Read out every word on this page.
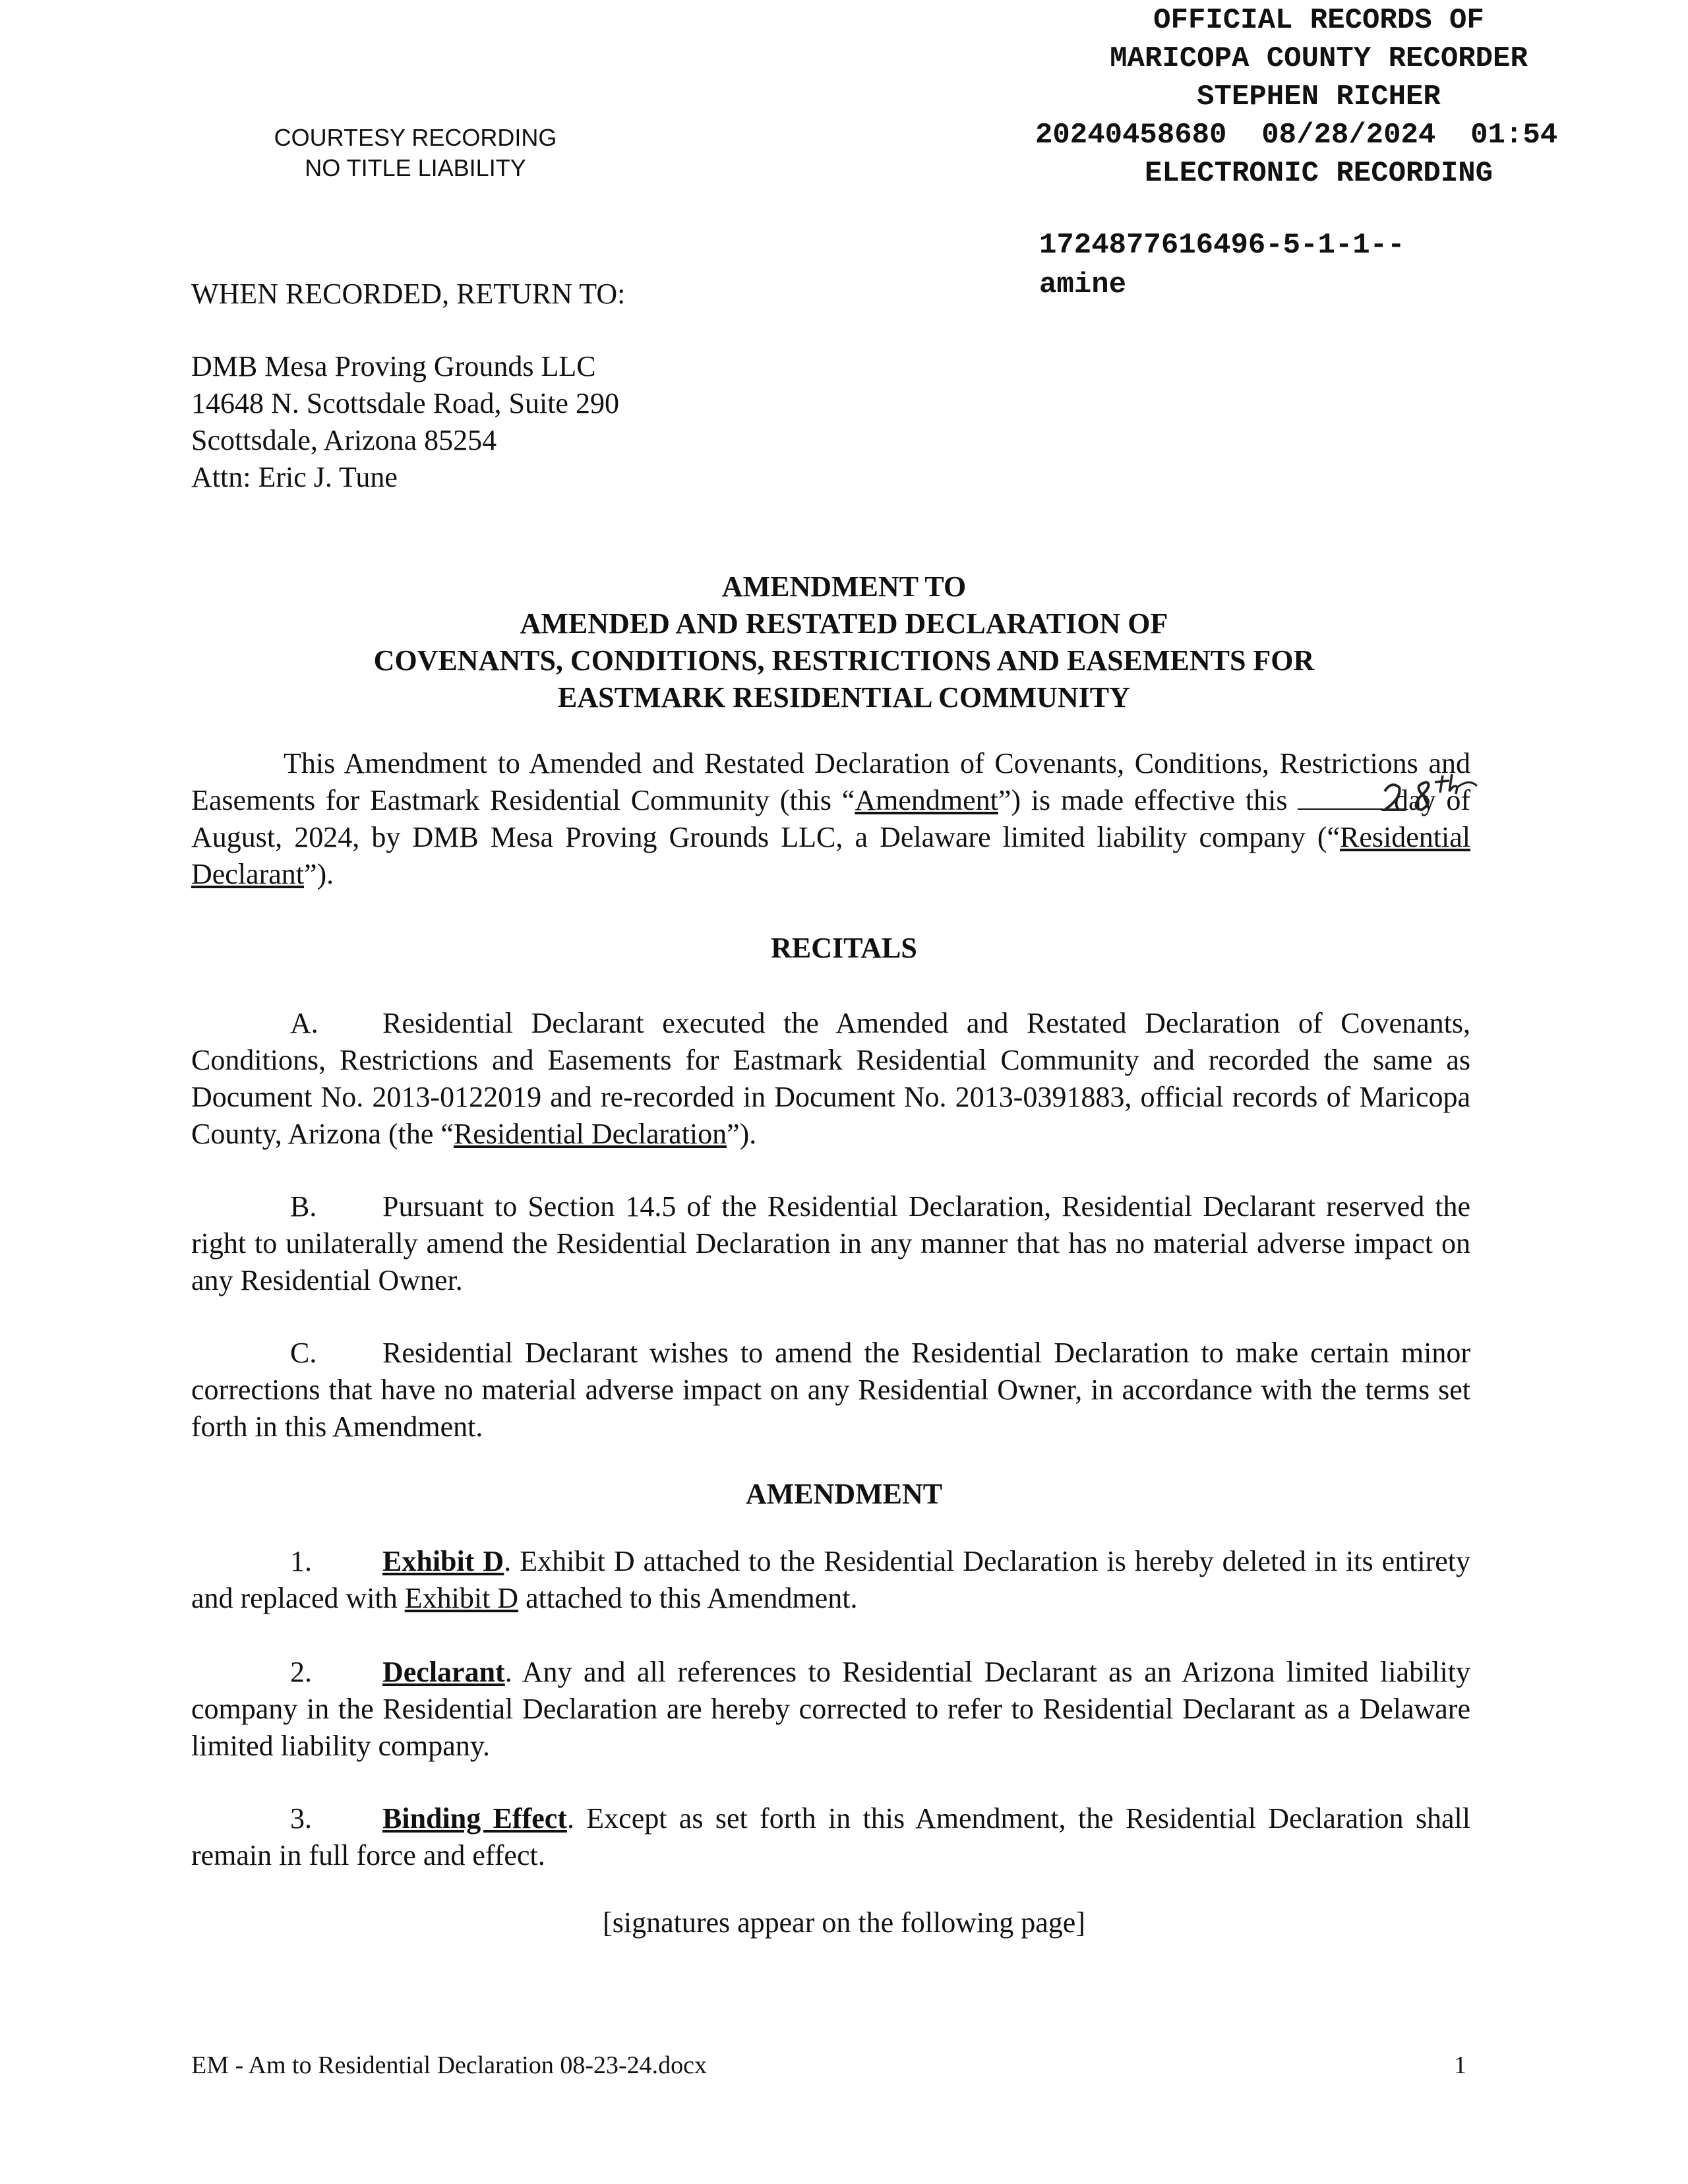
OFFICIAL RECORDS OF
MARICOPA COUNTY RECORDER
STEPHEN RICHER
20240458680  08/28/2024  01:54
ELECTRONIC RECORDING
COURTESY RECORDING
NO TITLE LIABILITY
1724877616496-5-1-1--
amine
WHEN RECORDED, RETURN TO:
DMB Mesa Proving Grounds LLC
14648 N. Scottsdale Road, Suite 290
Scottsdale, Arizona 85254
Attn: Eric J. Tune
AMENDMENT TO
AMENDED AND RESTATED DECLARATION OF
COVENANTS, CONDITIONS, RESTRICTIONS AND EASEMENTS FOR
EASTMARK RESIDENTIAL COMMUNITY
This Amendment to Amended and Restated Declaration of Covenants, Conditions, Restrictions and Easements for Eastmark Residential Community (this “Amendment”) is made effective this	day of August, 2024, by DMB Mesa Proving Grounds LLC, a Delaware limited liability company (“Residential Declarant”).
RECITALS
A. Residential Declarant executed the Amended and Restated Declaration of Covenants, Conditions, Restrictions and Easements for Eastmark Residential Community and recorded the same as Document No. 2013-0122019 and re-recorded in Document No. 2013-0391883, official records of Maricopa County, Arizona (the “Residential Declaration”).
B. Pursuant to Section 14.5 of the Residential Declaration, Residential Declarant reserved the right to unilaterally amend the Residential Declaration in any manner that has no material adverse impact on any Residential Owner.
C. Residential Declarant wishes to amend the Residential Declaration to make certain minor corrections that have no material adverse impact on any Residential Owner, in accordance with the terms set forth in this Amendment.
AMENDMENT
1. Exhibit D. Exhibit D attached to the Residential Declaration is hereby deleted in its entirety and replaced with Exhibit D attached to this Amendment.
2. Declarant. Any and all references to Residential Declarant as an Arizona limited liability company in the Residential Declaration are hereby corrected to refer to Residential Declarant as a Delaware limited liability company.
3. Binding Effect. Except as set forth in this Amendment, the Residential Declaration shall remain in full force and effect.
[signatures appear on the following page]
EM - Am to Residential Declaration 08-23-24.docx	1
